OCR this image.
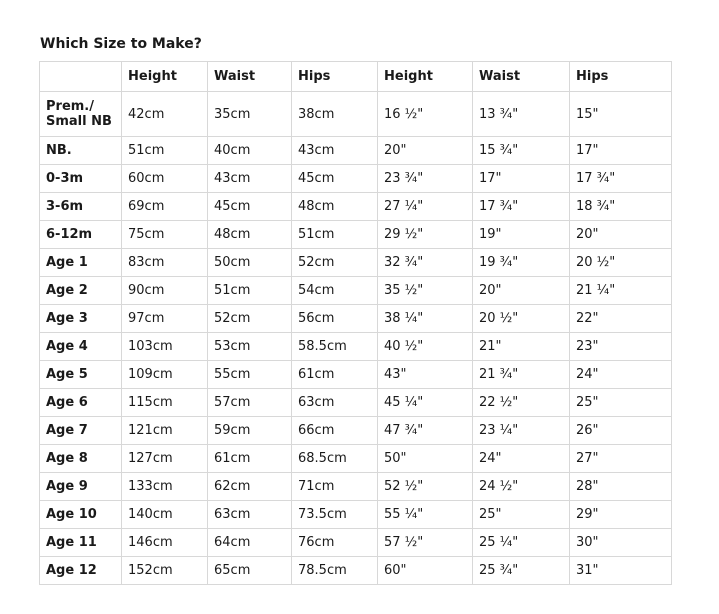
Which Size to Make?
	Height	Waist	Hips	Height	Waist	Hips

Prem./
Small NB	42cm	35cm	38cm	16 ½"	13 ¾"	15"

NB.	51cm	40cm	43cm	20"	15 ¾"	17"

0-3m	60cm	43cm	45cm	23 ¾"	17"	17 ¾"

3-6m	69cm	45cm	48cm	27 ¼"	17 ¾"	18 ¾"

6-12m	75cm	48cm	51cm	29 ½"	19"	20"

Age 1	83cm	50cm	52cm	32 ¾"	19 ¾"	20 ½"

Age 2	90cm	51cm	54cm	35 ½"	20"	21 ¼"

Age 3	97cm	52cm	56cm	38 ¼"	20 ½"	22"

Age 4	103cm	53cm	58.5cm	40 ½"	21"	23"

Age 5	109cm	55cm	61cm	43"	21 ¾"	24"

Age 6	115cm	57cm	63cm	45 ¼"	22 ½"	25"

Age 7	121cm	59cm	66cm	47 ¾"	23 ¼"	26"

Age 8	127cm	61cm	68.5cm	50"	24"	27"

Age 9	133cm	62cm	71cm	52 ½"	24 ½"	28"

Age 10	140cm	63cm	73.5cm	55 ¼"	25"	29"

Age 11	146cm	64cm	76cm	57 ½"	25 ¼"	30"

Age 12	152cm	65cm	78.5cm	60"	25 ¾"	31"
